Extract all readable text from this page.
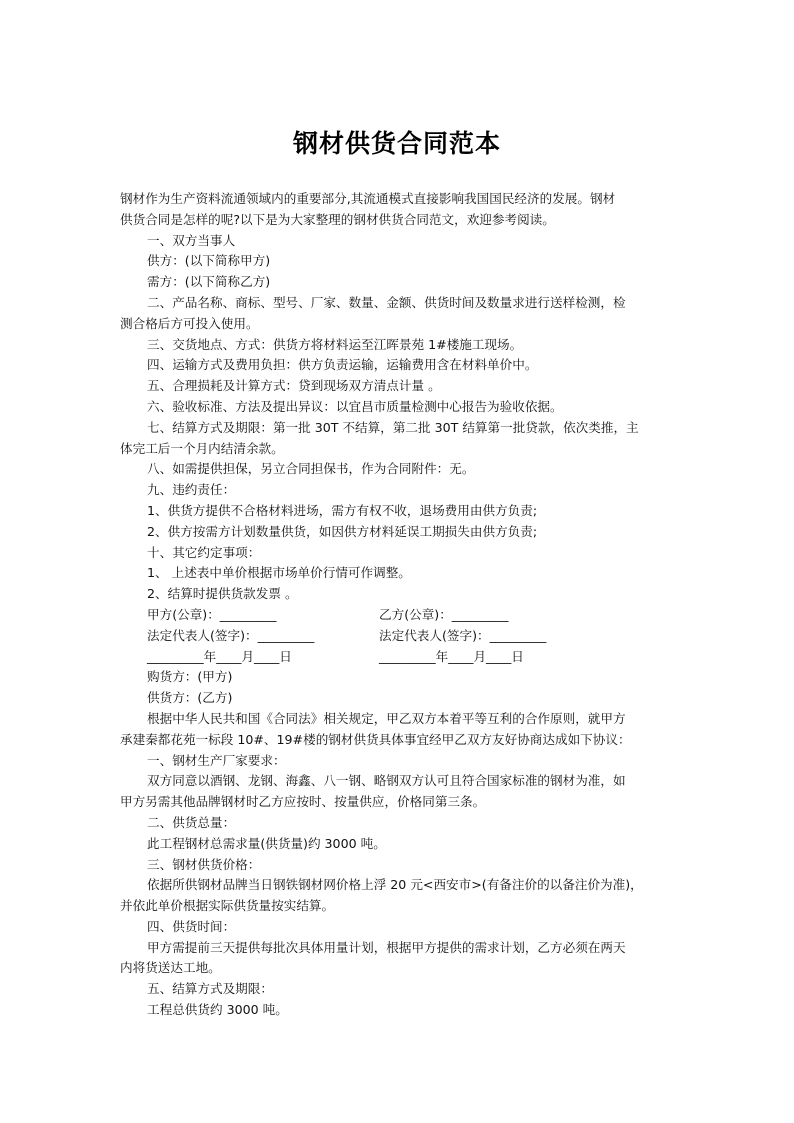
钢材供货合同范本

钢材作为生产资料流通领域内的重要部分,其流通模式直接影响我国国民经济的发展。钢材

供货合同是怎样的呢?以下是为大家整理的钢材供货合同范文，欢迎参考阅读。

一、双方当事人

供方：(以下简称甲方)

需方：(以下简称乙方)

二、产品名称、商标、型号、厂家、数量、金额、供货时间及数量求进行送样检测，检

测合格后方可投入使用。

三、交货地点、方式：供货方将材料运至江晖景苑 1#楼施工现场。

四、运输方式及费用负担：供方负责运输，运输费用含在材料单价中。

五、合理损耗及计算方式：贷到现场双方清点计量 。

六、验收标准、方法及提出异议：以宜昌市质量检测中心报告为验收依据。

七、结算方式及期限：第一批 30T 不结算，第二批 30T 结算第一批贷款，依次类推，主

体完工后一个月内结清余款。

八、如需提供担保，另立合同担保书，作为合同附件：无。

九、违约责任：

1、供货方提供不合格材料进场，需方有权不收，退场费用由供方负责;

2、供方按需方计划数量供货，如因供方材料延误工期损失由供方负责;

十、其它约定事项：

1、 上述表中单价根据市场单价行情可作调整。

2、结算时提供货款发票 。

甲方(公章)：_________	乙方(公章)：_________
法定代表人(签字)：_________	法定代表人(签字)：_________
_________年____月____日	_________年____月____日

购货方：(甲方)

供货方：(乙方)

根据中华人民共和国《合同法》相关规定，甲乙双方本着平等互利的合作原则，就甲方

承建秦都花苑一标段 10#、19#楼的钢材供货具体事宜经甲乙双方友好协商达成如下协议：

一、钢材生产厂家要求：

双方同意以酒钢、龙钢、海鑫、八一钢、略钢双方认可且符合国家标准的钢材为准，如

甲方另需其他品牌钢材时乙方应按时、按量供应，价格同第三条。

二、供货总量：

此工程钢材总需求量(供货量)约 3000 吨。

三、钢材供货价格：

依据所供钢材品牌当日钢铁钢材网价格上浮 20 元<西安市>(有备注价的以备注价为准)，

并依此单价根据实际供货量按实结算。

四、供货时间：

甲方需提前三天提供每批次具体用量计划，根据甲方提供的需求计划，乙方必须在两天

内将货送达工地。

五、结算方式及期限：

工程总供货约 3000 吨。
